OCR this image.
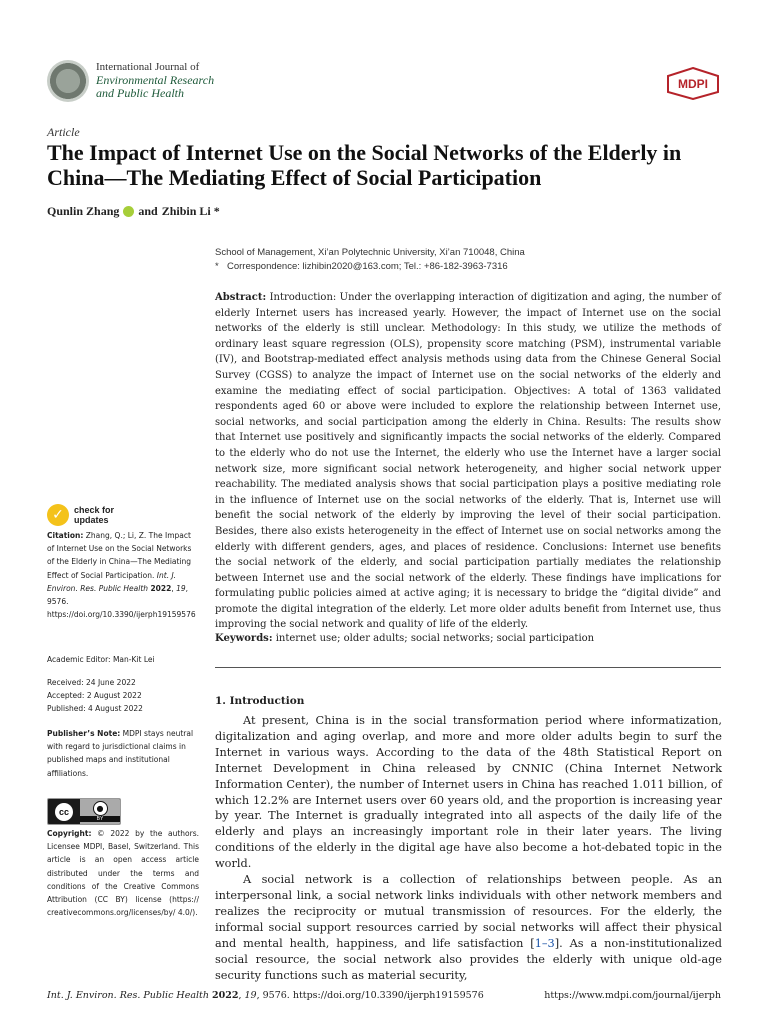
International Journal of
Environmental Research
and Public Health
MDPI
Article
The Impact of Internet Use on the Social Networks of the Elderly in China—The Mediating Effect of Social Participation
Qunlin Zhang and Zhibin Li *
School of Management, Xi’an Polytechnic University, Xi’an 710048, China
* Correspondence: lizhibin2020@163.com; Tel.: +86-182-3963-7316
Abstract: Introduction: Under the overlapping interaction of digitization and aging, the number of elderly Internet users has increased yearly. However, the impact of Internet use on the social networks of the elderly is still unclear. Methodology: In this study, we utilize the methods of ordinary least square regression (OLS), propensity score matching (PSM), instrumental variable (IV), and Bootstrap-mediated effect analysis methods using data from the Chinese General Social Survey (CGSS) to analyze the impact of Internet use on the social networks of the elderly and examine the mediating effect of social participation. Objectives: A total of 1363 validated respondents aged 60 or above were included to explore the relationship between Internet use, social networks, and social participation among the elderly in China. Results: The results show that Internet use positively and significantly impacts the social networks of the elderly. Compared to the elderly who do not use the Internet, the elderly who use the Internet have a larger social network size, more significant social network heterogeneity, and higher social network upper reachability. The mediated analysis shows that social participation plays a positive mediating role in the influence of Internet use on the social networks of the elderly. That is, Internet use will benefit the social network of the elderly by improving the level of their social participation. Besides, there also exists heterogeneity in the effect of Internet use on social networks among the elderly with different genders, ages, and places of residence. Conclusions: Internet use benefits the social network of the elderly, and social participation partially mediates the relationship between Internet use and the social network of the elderly. These findings have implications for formulating public policies aimed at active aging; it is necessary to bridge the “digital divide” and promote the digital integration of the elderly. Let more older adults benefit from Internet use, thus improving the social network and quality of life of the elderly.
Keywords: internet use; older adults; social networks; social participation
1. Introduction

At present, China is in the social transformation period where informatization, digitalization and aging overlap, and more and more older adults begin to surf the Internet in various ways. According to the data of the 48th Statistical Report on Internet Development in China released by CNNIC (China Internet Network Information Center), the number of Internet users in China has reached 1.011 billion, of which 12.2% are Internet users over 60 years old, and the proportion is increasing year by year. The Internet is gradually integrated into all aspects of the daily life of the elderly and plays an increasingly important role in their later years. The living conditions of the elderly in the digital age have also become a hot-debated topic in the world.

A social network is a collection of relationships between people. As an interpersonal link, a social network links individuals with other network members and realizes the reciprocity or mutual transmission of resources. For the elderly, the informal social support resources carried by social networks will affect their physical and mental health, happiness, and life satisfaction [1–3]. As a non-institutionalized social resource, the social network also provides the elderly with unique old-age security functions such as material security,

✓	check for
updates
Citation: Zhang, Q.; Li, Z. The Impact of Internet Use on the Social Networks of the Elderly in China—The Mediating Effect of Social Participation. Int. J. Environ. Res. Public Health 2022, 19, 9576. https://doi.org/10.3390/ijerph19159576
Academic Editor: Man-Kit Lei
Received: 24 June 2022
Accepted: 2 August 2022
Published: 4 August 2022
Publisher’s Note: MDPI stays neutral with regard to jurisdictional claims in published maps and institutional affiliations.
cc	●
BY
Copyright: © 2022 by the authors. Licensee MDPI, Basel, Switzerland. This article is an open access article distributed under the terms and conditions of the Creative Commons Attribution (CC BY) license (https:// creativecommons.org/licenses/by/ 4.0/).
Int. J. Environ. Res. Public Health 2022, 19, 9576. https://doi.org/10.3390/ijerph19159576	https://www.mdpi.com/journal/ijerph
